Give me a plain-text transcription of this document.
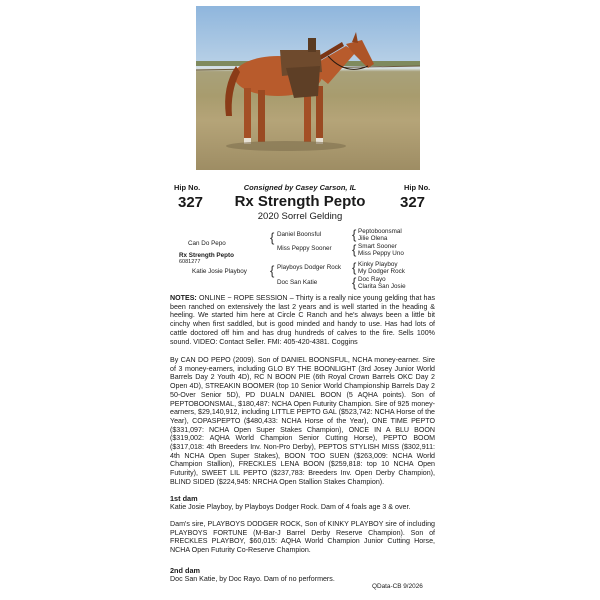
Consigned by Casey Carson, IL
Hip No.
327
Hip No.
327
Rx Strength Pepto
2020 Sorrel Gelding
Can Do Pepo
Rx Strength Pepto
6081277
Katie Josie Playboy
{ Daniel Boonsful
Miss Peppy Sooner
{ Playboys Dodger Rock
Doc San Katie
{ Peptoboonsmal
Jilie Olena
{ Smart Sooner
Miss Peppy Uno
{ Kinky Playboy
My Dodger Rock
{ Doc Rayo
Clarita San Josie
NOTES: ONLINE ~ ROPE SESSION – Thirty is a really nice young gelding that has been ranched on extensively the last 2 years and is well started in the heading & heeling. We started him here at Circle C Ranch and he's always been a little bit cinchy when first saddled, but is good minded and handy to use. Has had lots of cattle doctored off him and has drug hundreds of calves to the fire. Sells 100% sound. VIDEO: Contact Seller. FMI: 405-420-4381. Coggins
By CAN DO PEPO (2009). Son of DANIEL BOONSFUL, NCHA money-earner. Sire of 3 money-earners, including GLO BY THE BOONLIGHT (3rd Josey Junior World Barrels Day 2 Youth 4D), RC N BOON PIE (6th Royal Crown Barrels OKC Day 2 Open 4D), STREAKIN BOOMER (top 10 Senior World Championship Barrels Day 2 50-Over Senior 5D), PD DUALN DANIEL BOON (5 AQHA points). Son of PEPTOBOONSMAL, $180,487: NCHA Open Futurity Champion. Sire of 925 money-earners, $29,140,912, including LITTLE PEPTO GAL ($523,742: NCHA Horse of the Year), COPASPEPTO ($480,433: NCHA Horse of the Year), ONE TIME PEPTO ($331,097: NCHA Open Super Stakes Champion), ONCE IN A BLU BOON ($319,002: AQHA World Champion Senior Cutting Horse), PEPTO BOOM ($317,018: 4th Breeders Inv. Non-Pro Derby), PEPTOS STYLISH MISS ($302,911: 4th NCHA Open Super Stakes), BOON TOO SUEN ($263,009: NCHA World Champion Stallion), FRECKLES LENA BOON ($259,818: top 10 NCHA Open Futurity), SWEET LIL PEPTO ($237,783: Breeders Inv. Open Derby Champion), BLIND SIDED ($224,945: NRCHA Open Stallion Stakes Champion).
1st dam
Katie Josie Playboy, by Playboys Dodger Rock. Dam of 4 foals age 3 & over.
Dam's sire, PLAYBOYS DODGER ROCK, Son of KINKY PLAYBOY sire of including PLAYBOYS FORTUNE (M-Bar-J Barrel Derby Reserve Champion). Son of FRECKLES PLAYBOY, $60,015: AQHA World Champion Junior Cutting Horse, NCHA Open Futurity Co-Reserve Champion.
2nd dam
Doc San Katie, by Doc Rayo. Dam of no performers.
QData-CB 9/2026
